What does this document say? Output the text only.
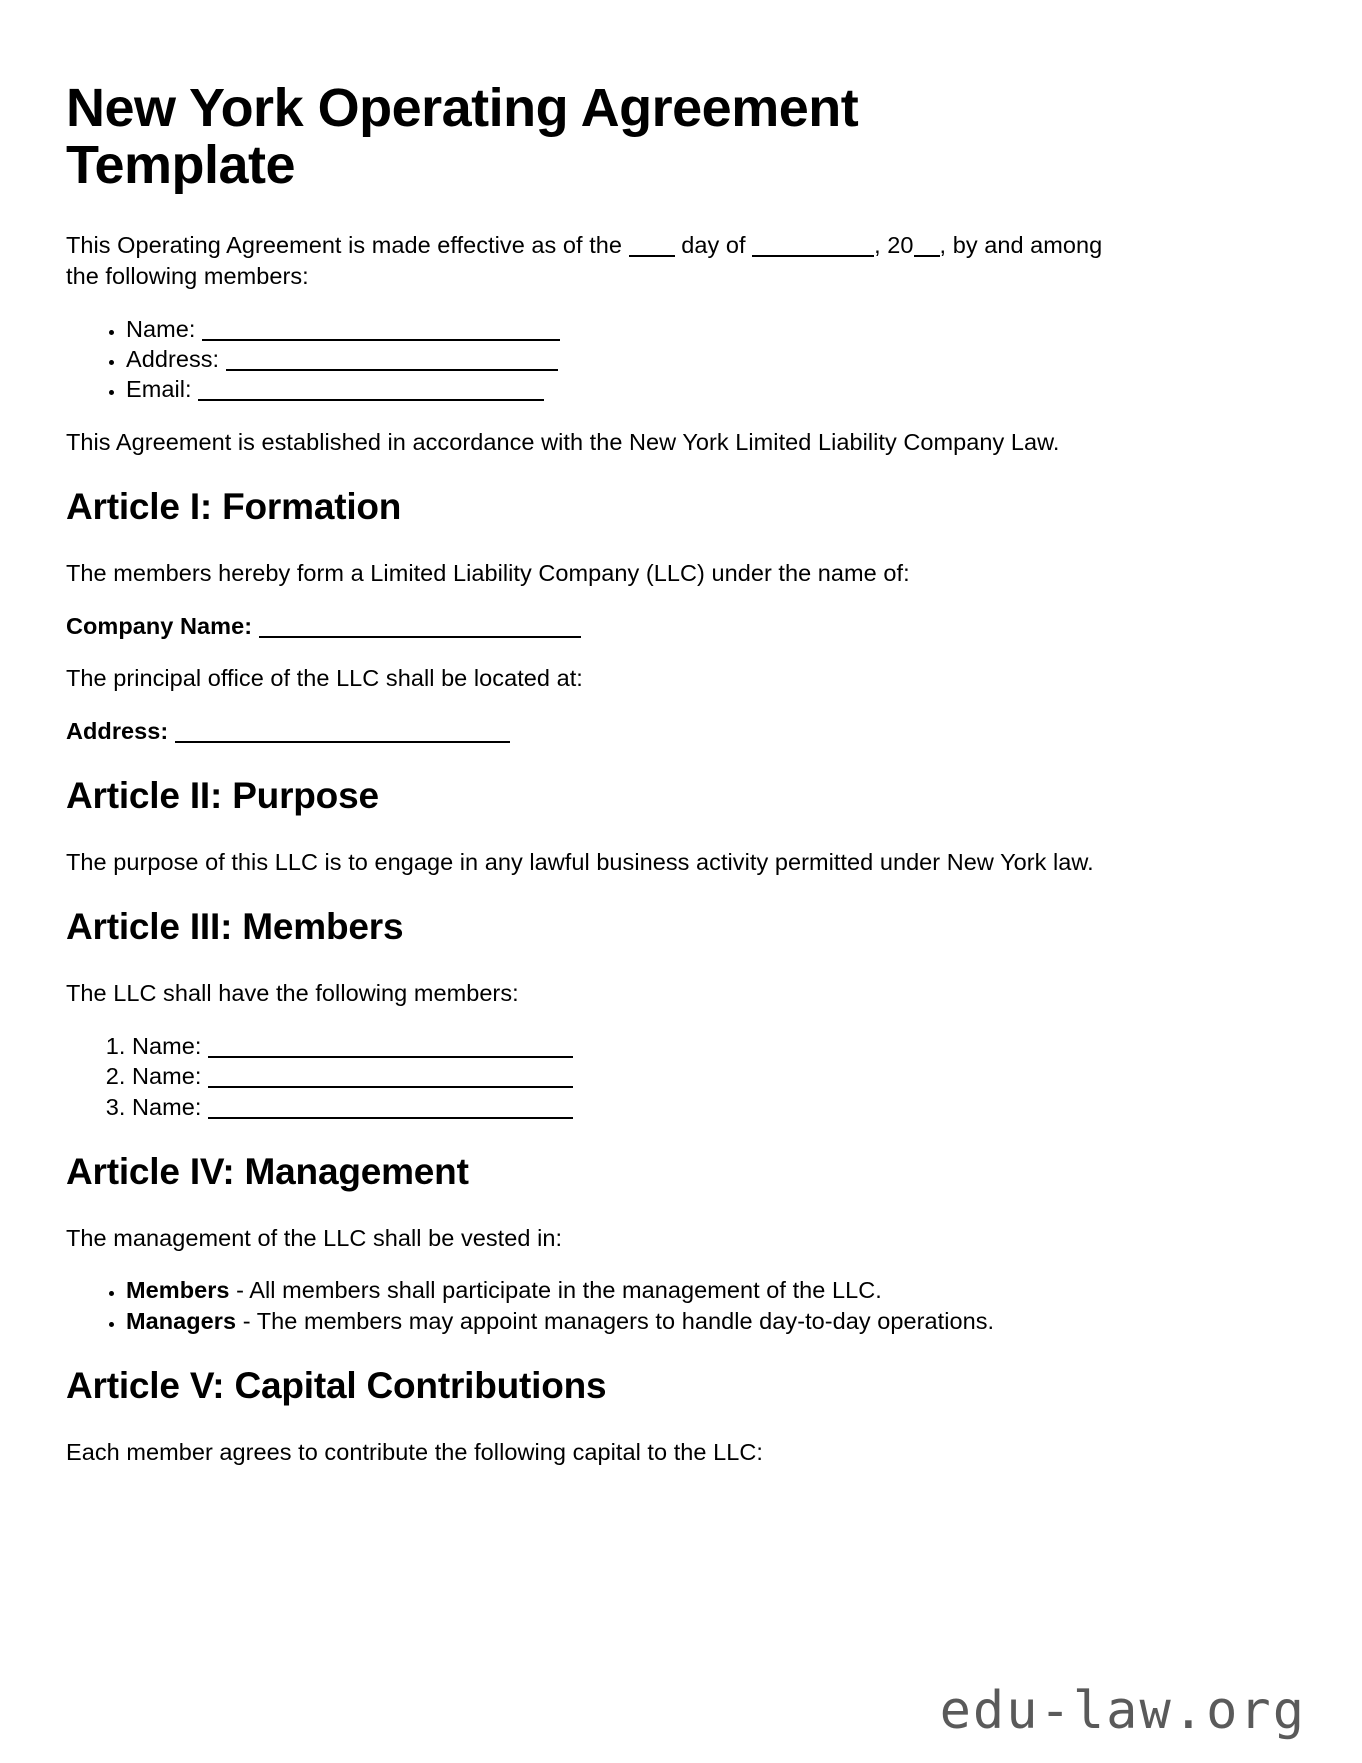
New York Operating Agreement Template

This Operating Agreement is made effective as of the	day of	, 20 , by and among the following members:

• Name:
• Address:
• Email:

This Agreement is established in accordance with the New York Limited Liability Company Law.

Article I: Formation

The members hereby form a Limited Liability Company (LLC) under the name of:

Company Name:

The principal office of the LLC shall be located at:

Address:

Article II: Purpose

The purpose of this LLC is to engage in any lawful business activity permitted under New York law.

Article III: Members

The LLC shall have the following members:

1. Name:
2. Name:
3. Name:
Article IV: Management

The management of the LLC shall be vested in:

• Members - All members shall participate in the management of the LLC.
• Managers - The members may appoint managers to handle day-to-day operations.
Article V: Capital Contributions

Each member agrees to contribute the following capital to the LLC:

edu-law.org
